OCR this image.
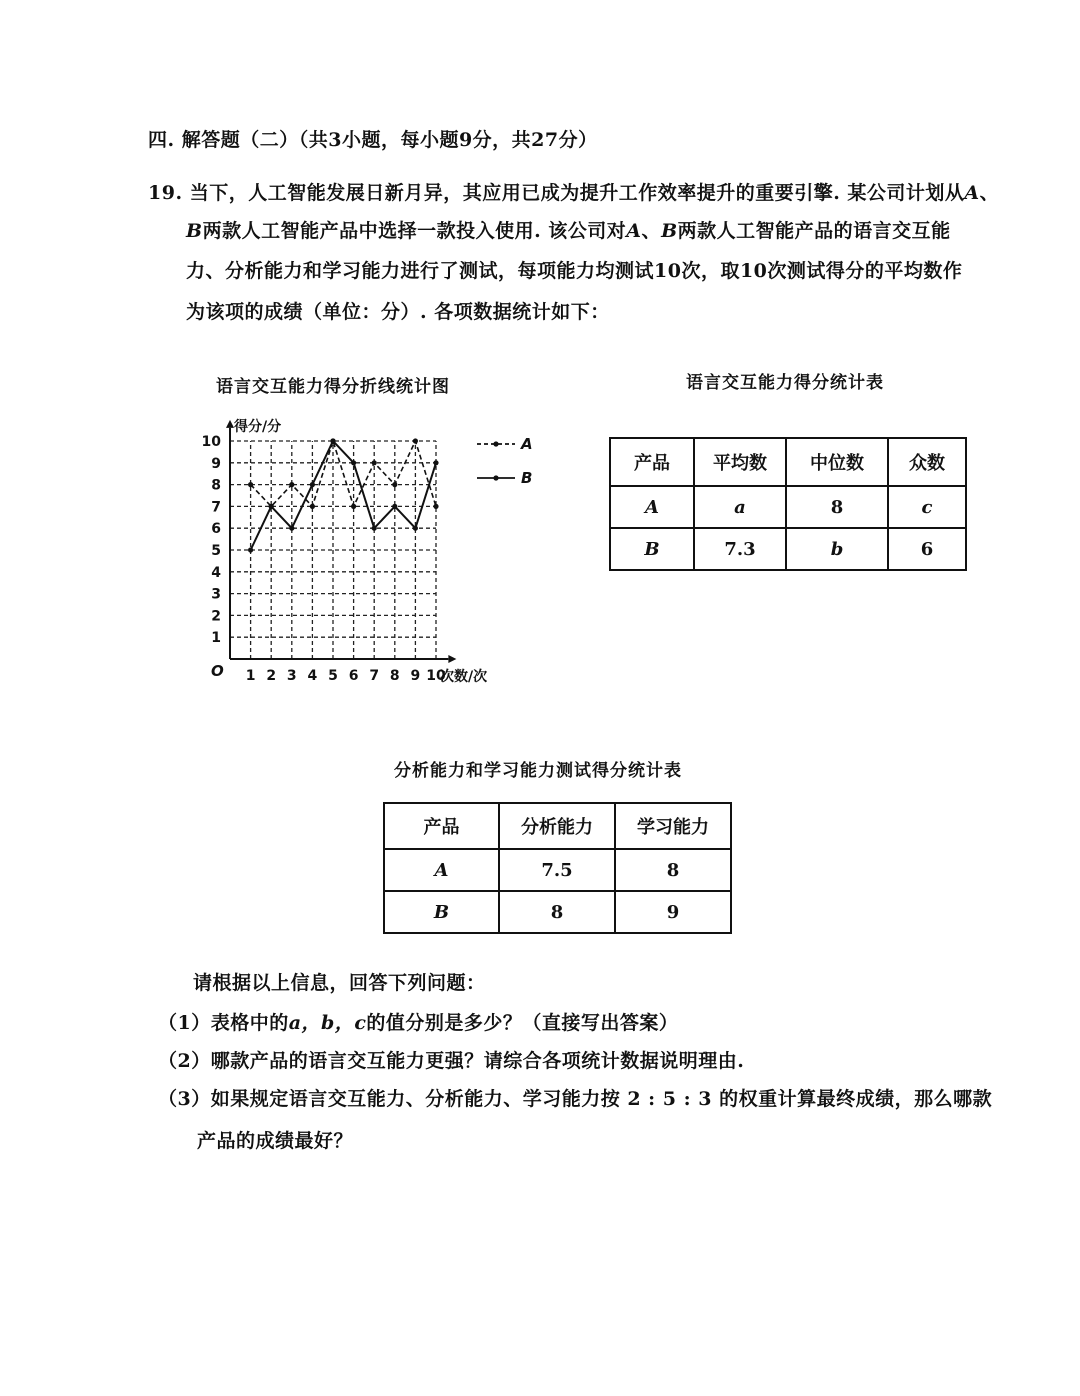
四. 解答题（二）（共3小题，每小题9分，共27分）
19. 当下，人工智能发展日新月异，其应用已成为提升工作效率提升的重要引擎. 某公司计划从A、
B两款人工智能产品中选择一款投入使用. 该公司对A、B两款人工智能产品的语言交互能
力、分析能力和学习能力进行了测试，每项能力均测试10次，取10次测试得分的平均数作
为该项的成绩（单位：分）. 各项数据统计如下：
语言交互能力得分折线统计图
1 2 3 4 5 6 7 8 9 10
1
2
3
4
5
6
7
8
9
10
O
得分/分
次数/次
A
B
语言交互能力得分统计表
产品	平均数	中位数	众数
A	a	8	c
B	7.3	b	6
分析能力和学习能力测试得分统计表
产品	分析能力	学习能力
A	7.5	8
B	8	9
请根据以上信息，回答下列问题：
（1）表格中的a，b，c的值分别是多少？（直接写出答案）
（2）哪款产品的语言交互能力更强？请综合各项统计数据说明理由.
（3）如果规定语言交互能力、分析能力、学习能力按 2 : 5 : 3 的权重计算最终成绩，那么哪款
产品的成绩最好？
